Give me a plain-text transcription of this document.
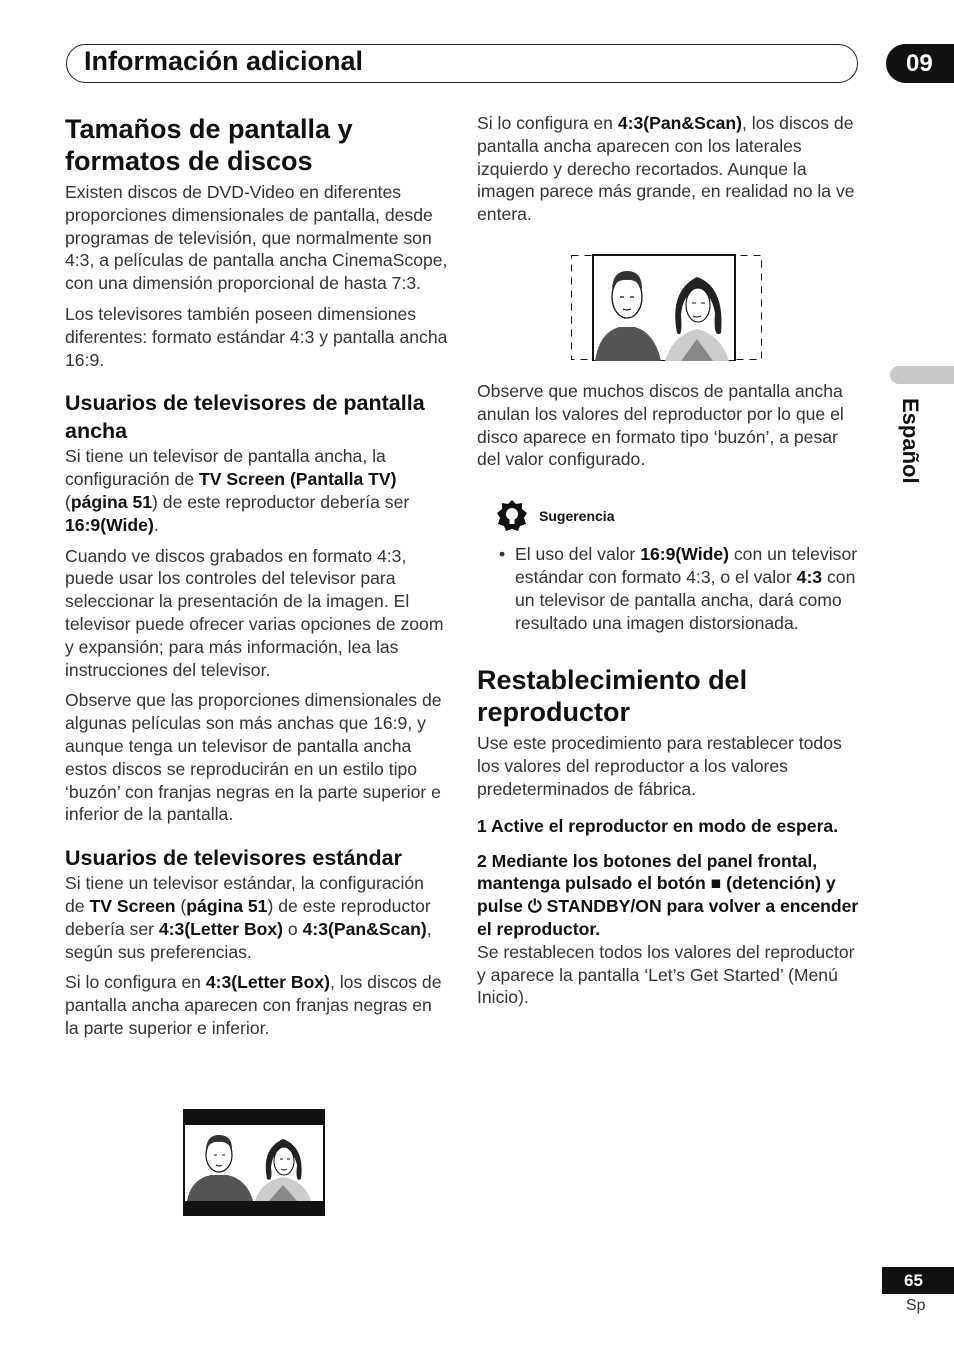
Información adicional	09
Español
Tamaños de pantalla y formatos de discos

Existen discos de DVD-Video en diferentes proporciones dimensionales de pantalla, desde programas de televisión, que normalmente son 4:3, a películas de pantalla ancha CinemaScope, con una dimensión proporcional de hasta 7:3.

Los televisores también poseen dimensiones diferentes: formato estándar 4:3 y pantalla ancha 16:9.

Usuarios de televisores de pantalla ancha

Si tiene un televisor de pantalla ancha, la configuración de TV Screen (Pantalla TV) (página 51) de este reproductor debería ser 16:9(Wide).

Cuando ve discos grabados en formato 4:3, puede usar los controles del televisor para seleccionar la presentación de la imagen. El televisor puede ofrecer varias opciones de zoom y expansión; para más información, lea las instrucciones del televisor.

Observe que las proporciones dimensionales de algunas películas son más anchas que 16:9, y aunque tenga un televisor de pantalla ancha estos discos se reproducirán en un estilo tipo ‘buzón’ con franjas negras en la parte superior e inferior de la pantalla.

Usuarios de televisores estándar

Si tiene un televisor estándar, la configuración de TV Screen (página 51) de este reproductor debería ser 4:3(Letter Box) o 4:3(Pan&Scan), según sus preferencias.

Si lo configura en 4:3(Letter Box), los discos de pantalla ancha aparecen con franjas negras en la parte superior e inferior.

Si lo configura en 4:3(Pan&Scan), los discos de pantalla ancha aparecen con los laterales izquierdo y derecho recortados. Aunque la imagen parece más grande, en realidad no la ve entera.

Observe que muchos discos de pantalla ancha anulan los valores del reproductor por lo que el disco aparece en formato tipo ‘buzón’, a pesar del valor configurado.

Sugerencia

• El uso del valor 16:9(Wide) con un televisor estándar con formato 4:3, o el valor 4:3 con un televisor de pantalla ancha, dará como resultado una imagen distorsionada.

Restablecimiento del reproductor

Use este procedimiento para restablecer todos los valores del reproductor a los valores predeterminados de fábrica.

1 Active el reproductor en modo de espera.

2 Mediante los botones del panel frontal, mantenga pulsado el botón ■ (detención) y pulse ⏻ STANDBY/ON para volver a encender el reproductor.

Se restablecen todos los valores del reproductor y aparece la pantalla ‘Let’s Get Started’ (Menú Inicio).

65
Sp
